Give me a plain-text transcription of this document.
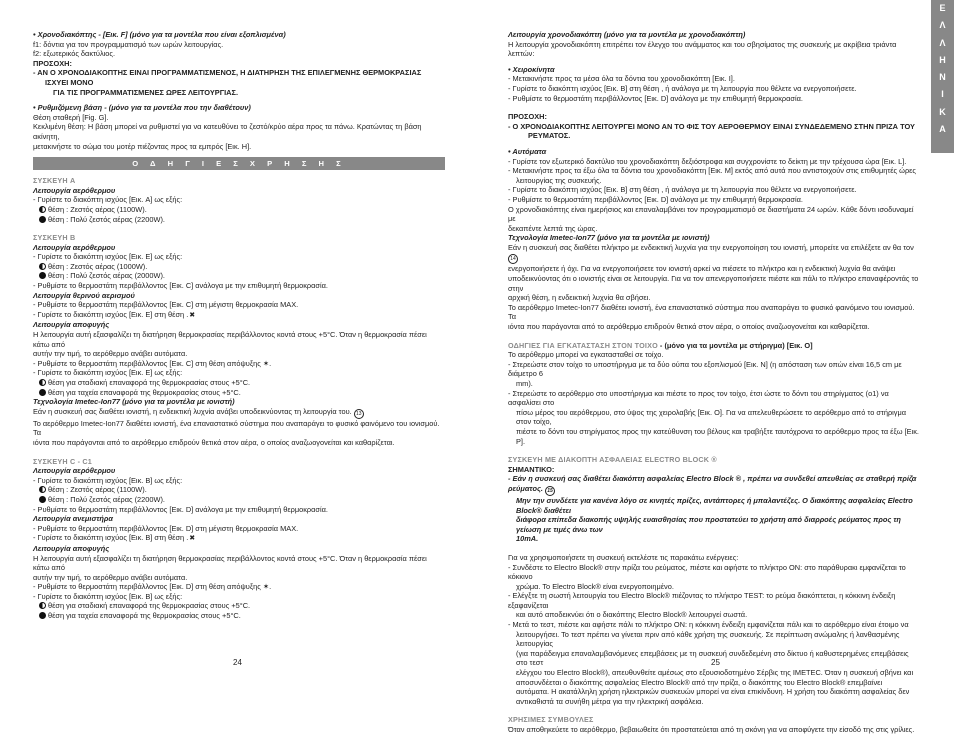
• Χρονοδιακόπτης - [Εικ. F] (μόνο για τα μοντέλα που είναι εξοπλισμένα)

f1: δόντια για τον προγραμματισμό των ωρών λειτουργίας.

f2: εξωτερικός δακτύλιος.

ΠΡΟΣΟΧΗ:

- ΑΝ Ο ΧΡΟΝΟΔΙΑΚΟΠΤΗΣ ΕΙΝΑΙ ΠΡΟΓΡΑΜΜΑΤΙΣΜΕΝΟΣ, Η ΔΙΑΤΗΡΗΣΗ ΤΗΣ ΕΠΙΛΕΓΜΕΝΗΣ ΘΕΡΜΟΚΡΑΣΙΑΣ ΙΣΧΥΕΙ ΜΟΝΟ
ΓΙΑ ΤΙΣ ΠΡΟΓΡΑΜΜΑΤΙΣΜΕΝΕΣ ΩΡΕΣ ΛΕΙΤΟΥΡΓΙΑΣ.

• Ρυθμιζόμενη βάση - (μόνο για τα μοντέλα που την διαθέτουν)

Θέση σταθερή [Fig. G].

Κεκλιμένη θέση: Η βάση μπορεί να ρυθμιστεί για να κατευθύνει το ζεστό/κρύο αέρα προς τα πάνω. Κρατώντας τη βάση ακίνητη,

μετακινήστε το σώμα του μοτέρ πιέζοντας προς τα εμπρός [Εικ. H].

Ο Δ Η Γ Ι Ε Σ Χ Ρ Η Σ Η Σ

ΣΥΣΚΕΥΗ A

Λειτουργία αερόθερμου

- Γυρίστε το διακόπτη ισχύος [Εικ. A] ως εξής:

θέση : Ζεστός αέρας (1100W).

θέση : Πολύ ζεστός αέρας (2200W).

ΣΥΣΚΕΥΗ B

Λειτουργία αερόθερμου

- Γυρίστε το διακόπτη ισχύος [Εικ. E] ως εξής:

θέση : Ζεστός αέρας (1000W).

θέση : Πολύ ζεστός αέρας (2000W).

- Ρυθμίστε το θερμοστάτη περιβάλλοντος [Εικ. C] ανάλογα με την επιθυμητή θερμοκρασία.

Λειτουργία θερινού αερισμού

- Ρυθμίστε το θερμοστάτη περιβάλλοντος [Εικ. C] στη μέγιστη θερμοκρασία MAX.

- Γυρίστε το διακόπτη ισχύος [Εικ. E] στη θέση .✖

Λειτουργία αποφυγής

Η λειτουργία αυτή εξασφαλίζει τη διατήρηση θερμοκρασίας περιβάλλοντος κοντά στους +5°C. Όταν η θερμοκρασία πέσει κάτω από

αυτήν την τιμή, το αερόθερμο ανάβει αυτόματα.

- Ρυθμίστε το θερμοστάτη περιβάλλοντος [Εικ. C] στη θέση απόψυξης ✶.

- Γυρίστε το διακόπτη ισχύος [Εικ. E] ως εξής:

θέση για σταδιακή επαναφορά της θερμοκρασίας στους +5°C.

θέση για ταχεία επαναφορά της θερμοκρασίας στους +5°C.

Τεχνολογία Imetec-Ion77 (μόνο για τα μοντέλα με ιονιστή)

Εάν η συσκευή σας διαθέτει ιονιστή, η ενδεικτική λυχνία ανάβει υποδεικνύοντας τη λειτουργία του. 13

Το αερόθερμο Imetec-Ion77 διαθέτει ιονιστή, ένα επαναστατικό σύστημα που αναπαράγει το φυσικό φαινόμενο του ιονισμού. Τα

ιόντα που παράγονται από το αερόθερμο επιδρούν θετικά στον αέρα, ο οποίος αναζωογονείται και καθαρίζεται.

ΣΥΣΚΕΥΗ C - C1

Λειτουργία αερόθερμου

- Γυρίστε το διακόπτη ισχύος [Εικ. B] ως εξής:

θέση : Ζεστός αέρας (1100W).

θέση : Πολύ ζεστός αέρας (2200W).

- Ρυθμίστε το θερμοστάτη περιβάλλοντος [Εικ. D] ανάλογα με την επιθυμητή θερμοκρασία.

Λειτουργία ανεμιστήρα

- Ρυθμίστε το θερμοστάτη περιβάλλοντος [Εικ. D] στη μέγιστη θερμοκρασία MAX.

- Γυρίστε το διακόπτη ισχύος [Εικ. B] στη θέση .✖

Λειτουργία αποφυγής

Η λειτουργία αυτή εξασφαλίζει τη διατήρηση θερμοκρασίας περιβάλλοντος κοντά στους +5°C. Όταν η θερμοκρασία πέσει κάτω από

αυτήν την τιμή, το αερόθερμο ανάβει αυτόματα.

- Ρυθμίστε το θερμοστάτη περιβάλλοντος [Εικ. D] στη θέση απόψυξης ✶.

- Γυρίστε το διακόπτη ισχύος [Εικ. B] ως εξής:

θέση για σταδιακή επαναφορά της θερμοκρασίας στους +5°C.

θέση για ταχεία επαναφορά της θερμοκρασίας στους +5°C.

24

Λειτουργία χρονοδιακόπτη (μόνο για τα μοντέλα με χρονοδιακόπτη)

Η λειτουργία χρονοδιακόπτη επιτρέπει τον έλεγχο του ανάμματος και του σβησίματος της συσκευής με ακρίβεια τριάντα λεπτών:

• Χειροκίνητα

- Μετακινήστε προς τα μέσα όλα τα δόντια του χρονοδιακόπτη [Εικ. I].

- Γυρίστε το διακόπτη ισχύος [Εικ. B] στη θέση , ή ανάλογα με τη λειτουργία που θέλετε να ενεργοποιήσετε.

- Ρυθμίστε το θερμοστάτη περιβάλλοντος [Εικ. D] ανάλογα με την επιθυμητή θερμοκρασία.

ΠΡΟΣΟΧΗ:

- Ο ΧΡΟΝΟΔΙΑΚΟΠΤΗΣ ΛΕΙΤΟΥΡΓΕΙ ΜΟΝΟ ΑΝ ΤΟ ΦΙΣ ΤΟΥ ΑΕΡΟΘΕΡΜΟΥ ΕΙΝΑΙ ΣΥΝΔΕΔΕΜΕΝΟ ΣΤΗΝ ΠΡΙΖΑ ΤΟΥ
ΡΕΥΜΑΤΟΣ.

• Αυτόματα

- Γυρίστε τον εξωτερικό δακτύλιο του χρονοδιακόπτη δεξιόστροφα και συγχρονίστε το δείκτη με την τρέχουσα ώρα [Εικ. L].

- Μετακινήστε προς τα έξω όλα τα δόντια του χρονοδιακόπτη [Εικ. M] εκτός από αυτά που αντιστοιχούν στις επιθυμητές ώρες

λειτουργίας της συσκευής.

- Γυρίστε το διακόπτη ισχύος [Εικ. B] στη θέση , ή ανάλογα με τη λειτουργία που θέλετε να ενεργοποιήσετε.

- Ρυθμίστε το θερμοστάτη περιβάλλοντος [Εικ. D] ανάλογα με την επιθυμητή θερμοκρασία.

Ο χρονοδιακόπτης είναι ημερήσιος και επαναλαμβάνει τον προγραμματισμό σε διαστήματα 24 ωρών. Κάθε δόντι ισοδυναμεί με

δεκαπέντε λεπτά της ώρας.

Τεχνολογία Imetec-Ion77 (μόνο για τα μοντέλα με ιονιστή)

Εάν η συσκευή σας διαθέτει πλήκτρο με ενδεικτική λυχνία για την ενεργοποίηση του ιονιστή, μπορείτε να επιλέξετε αν θα τον 14

ενεργοποιήσετε ή όχι. Για να ενεργοποιήσετε τον ιονιστή αρκεί να πιέσετε το πλήκτρο και η ενδεικτική λυχνία θα ανάψει

υποδεικνύοντας ότι ο ιονιστής είναι σε λειτουργία. Για να τον απενεργοποιήσετε πιέστε και πάλι το πλήκτρο επαναφέροντάς το στην

αρχική θέση, η ενδεικτική λυχνία θα σβήσει.

Το αερόθερμο Imetec-Ion77 διαθέτει ιονιστή, ένα επαναστατικό σύστημα που αναπαράγει το φυσικό φαινόμενο του ιονισμού. Τα

ιόντα που παράγονται από το αερόθερμο επιδρούν θετικά στον αέρα, ο οποίος αναζωογονείται και καθαρίζεται.

ΟΔΗΓΙΕΣ ΓΙΑ ΕΓΚΑΤΑΣΤΑΣΗ ΣΤΟΝ ΤΟΙΧΟ - (μόνο για τα μοντέλα με στήριγμα) [Εικ. O]

Το αερόθερμο μπορεί να εγκατασταθεί σε τοίχο.

- Στερεώστε στον τοίχο το υποστήριγμα με τα δύο ούπα του εξοπλισμού [Εικ. N] (η απόσταση των οπών είναι 16,5 cm με διάμετρο 6

mm).

- Στερεώστε το αερόθερμο στο υποστήριγμα και πιέστε το προς τον τοίχο, έτσι ώστε το δόντι του στηρίγματος (o1) να ασφαλίσει στο

πίσω μέρος του αερόθερμου, στο ύψος της χειρολαβής [Εικ. O]. Για να απελευθερώσετε το αερόθερμο από το στήριγμα στον τοίχο,

πιέστε το δόντι του στηρίγματος προς την κατεύθυνση του βέλους και τραβήξτε ταυτόχρονα το αερόθερμο προς τα έξω [Εικ. P].

ΣΥΣΚΕΥΗ ΜΕ ΔΙΑΚΟΠΤΗ ΑΣΦΑΛΕΙΑΣ ELECTRO BLOCK ®

ΣΗΜΑΝΤΙΚΟ:

- Εάν η συσκευή σας διαθέτει διακόπτη ασφαλείας Electro Block ® , πρέπει να συνδεθεί απευθείας σε σταθερή πρίζα ρεύματος. 15

Μην την συνδέετε για κανένα λόγο σε κινητές πρίζες, αντάπτορες ή μπαλαντέζες. Ο διακόπτης ασφαλείας Electro Block® διαθέτει

διάφορα επίπεδα διακοπής υψηλής ευαισθησίας που προστατεύει το χρήστη από διαρροές ρεύματος προς τη γείωση με τιμές άνω των

10mA.

Για να χρησιμοποιήσετε τη συσκευή εκτελέστε τις παρακάτω ενέργειες:

- Συνδέστε το Electro Block® στην πρίζα του ρεύματος, πιέστε και αφήστε το πλήκτρο ON: στο παράθυρακι εμφανίζεται το κόκκινο

χρώμα. Το Electro Block® είναι ενεργοποιημένο.

- Ελέγξτε τη σωστή λειτουργία του Electro Block® πιέζοντας το πλήκτρο TEST: το ρεύμα διακόπτεται, η κόκκινη ένδειξη εξαφανίζεται

και αυτό αποδεικνύει ότι ο διακόπτης Electro Block® λειτουργεί σωστά.

- Μετά το τεστ, πιέστε και αφήστε πάλι το πλήκτρο ON: η κόκκινη ένδειξη εμφανίζεται πάλι και το αερόθερμο είναι έτοιμο να

λειτουργήσει. Το τεστ πρέπει να γίνεται πριν από κάθε χρήση της συσκευής. Σε περίπτωση ανώμαλης ή λανθασμένης λειτουργίας

(για παράδειγμα επαναλαμβανόμενες επεμβάσεις με τη συσκευή συνδεδεμένη στο δίκτυο ή καθυστερημένες επεμβάσεις στο τεστ

ελέγχου του Electro Block®), απευθυνθείτε αμέσως στο εξουσιοδοτημένο Σέρβις της IMETEC. Όταν η συσκευή σβήνει και

αποσυνδέεται ο διακόπτης ασφαλείας Electro Block® από την πρίζα, ο διακόπτης του Electro Block® επεμβαίνει

αυτόματα. Η ακατάλληλη χρήση ηλεκτρικών συσκευών μπορεί να είναι επικίνδυνη. Η χρήση του διακόπτη ασφαλείας δεν

αντικαθιστά τα συνήθη μέτρα για την ηλεκτρική ασφάλεια.

ΧΡΗΣΙΜΕΣ ΣΥΜΒΟΥΛΕΣ

Όταν αποθηκεύετε το αερόθερμο, βεβαιωθείτε ότι προστατεύεται από τη σκόνη για να αποφύγετε την είσοδό της στις γρίλιες.

25
Ε
Λ
Λ
Η
Ν
Ι
Κ
Α
